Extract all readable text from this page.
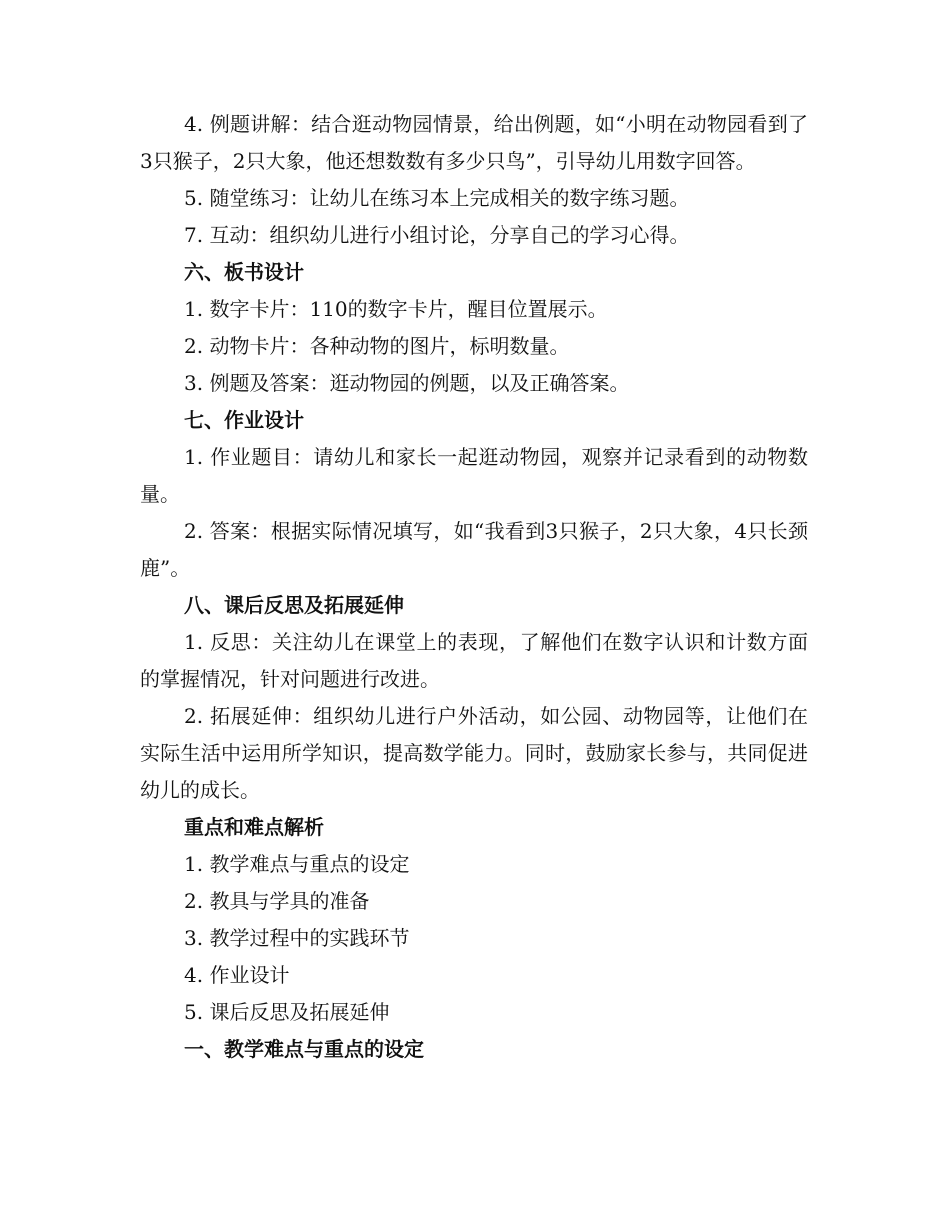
4. 例题讲解：结合逛动物园情景，给出例题，如“小明在动物园看到了3只猴子，2只大象，他还想数数有多少只鸟”，引导幼儿用数字回答。

5. 随堂练习：让幼儿在练习本上完成相关的数字练习题。

7. 互动：组织幼儿进行小组讨论，分享自己的学习心得。

六、板书设计

1. 数字卡片：110的数字卡片，醒目位置展示。

2. 动物卡片：各种动物的图片，标明数量。

3. 例题及答案：逛动物园的例题，以及正确答案。

七、作业设计

1. 作业题目：请幼儿和家长一起逛动物园，观察并记录看到的动物数量。

2. 答案：根据实际情况填写，如“我看到3只猴子，2只大象，4只长颈鹿”。

八、课后反思及拓展延伸

1. 反思：关注幼儿在课堂上的表现，了解他们在数字认识和计数方面的掌握情况，针对问题进行改进。

2. 拓展延伸：组织幼儿进行户外活动，如公园、动物园等，让他们在实际生活中运用所学知识，提高数学能力。同时，鼓励家长参与，共同促进幼儿的成长。

重点和难点解析

1. 教学难点与重点的设定

2. 教具与学具的准备

3. 教学过程中的实践环节

4. 作业设计

5. 课后反思及拓展延伸

一、教学难点与重点的设定
